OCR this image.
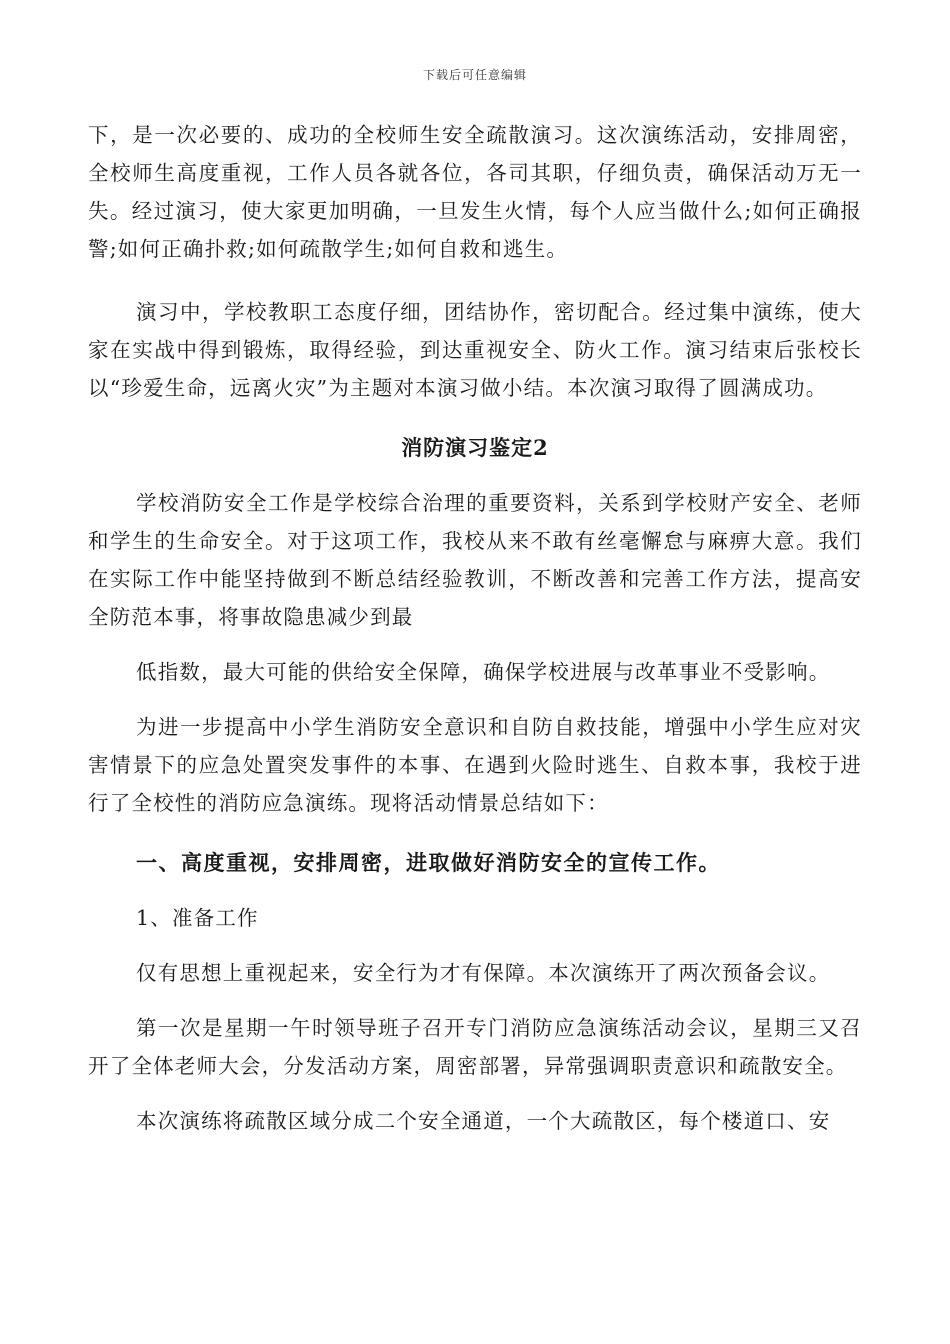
下载后可任意编辑

下，是一次必要的、成功的全校师生安全疏散演习。这次演练活动，安排周密，全校师生高度重视，工作人员各就各位，各司其职，仔细负责，确保活动万无一失。经过演习，使大家更加明确，一旦发生火情，每个人应当做什么;如何正确报警;如何正确扑救;如何疏散学生;如何自救和逃生。

演习中，学校教职工态度仔细，团结协作，密切配合。经过集中演练，使大家在实战中得到锻炼，取得经验，到达重视安全、防火工作。演习结束后张校长以“珍爱生命，远离火灾”为主题对本演习做小结。本次演习取得了圆满成功。

消防演习鉴定2

学校消防安全工作是学校综合治理的重要资料，关系到学校财产安全、老师和学生的生命安全。对于这项工作，我校从来不敢有丝毫懈怠与麻痹大意。我们在实际工作中能坚持做到不断总结经验教训，不断改善和完善工作方法，提高安全防范本事，将事故隐患减少到最

低指数，最大可能的供给安全保障，确保学校进展与改革事业不受影响。

为进一步提高中小学生消防安全意识和自防自救技能，增强中小学生应对灾害情景下的应急处置突发事件的本事、在遇到火险时逃生、自救本事，我校于进行了全校性的消防应急演练。现将活动情景总结如下：

一、高度重视，安排周密，进取做好消防安全的宣传工作。

1、准备工作

仅有思想上重视起来，安全行为才有保障。本次演练开了两次预备会议。

第一次是星期一午时领导班子召开专门消防应急演练活动会议，星期三又召开了全体老师大会，分发活动方案，周密部署，异常强调职责意识和疏散安全。

本次演练将疏散区域分成二个安全通道，一个大疏散区，每个楼道口、安
